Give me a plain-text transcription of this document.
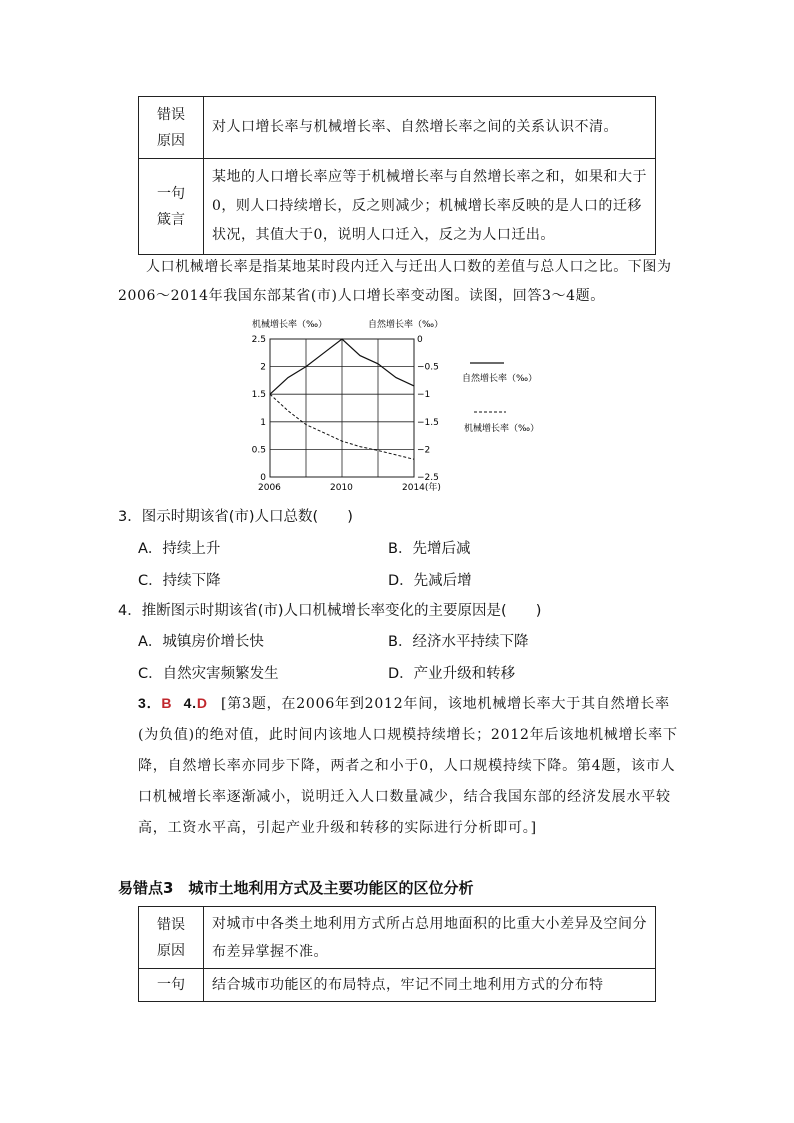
错误
原因	对人口增长率与机械增长率、自然增长率之间的关系认识不清。

一句
箴言	某地的人口增长率应等于机械增长率与自然增长率之和，如果和大于0，则人口持续增长，反之则减少；机械增长率反映的是人口的迁移状况，其值大于0，说明人口迁入，反之为人口迁出。
人口机械增长率是指某地某时段内迁入与迁出人口数的差值与总人口之比。下图为2006～2014年我国东部某省(市)人口增长率变动图。读图，回答3～4题。
0
0.5
1
1.5
2
2.5	0
−0.5
−1
−1.5
−2
−2.5
2006	2010	2014(年)
机械增长率（‰）	自然增长率（‰）
自然增长率（‰）
机械增长率（‰）
3．图示时期该省(市)人口总数(　　)
A．持续上升	B．先增后减
C．持续下降	D．先减后增
4．推断图示时期该省(市)人口机械增长率变化的主要原因是(　　)
A．城镇房价增长快	B．经济水平持续下降
C．自然灾害频繁发生	D．产业升级和转移
3．B 4.D [第3题，在2006年到2012年间，该地机械增长率大于其自然增长率(为负值)的绝对值，此时间内该地人口规模持续增长；2012年后该地机械增长率下降，自然增长率亦同步下降，两者之和小于0，人口规模持续下降。第4题，该市人口机械增长率逐渐减小，说明迁入人口数量减少，结合我国东部的经济发展水平较高，工资水平高，引起产业升级和转移的实际进行分析即可。]
易错点3　城市土地利用方式及主要功能区的区位分析
错误
原因	对城市中各类土地利用方式所占总用地面积的比重大小差异及空间分布差异掌握不准。

一句	结合城市功能区的布局特点，牢记不同土地利用方式的分布特
